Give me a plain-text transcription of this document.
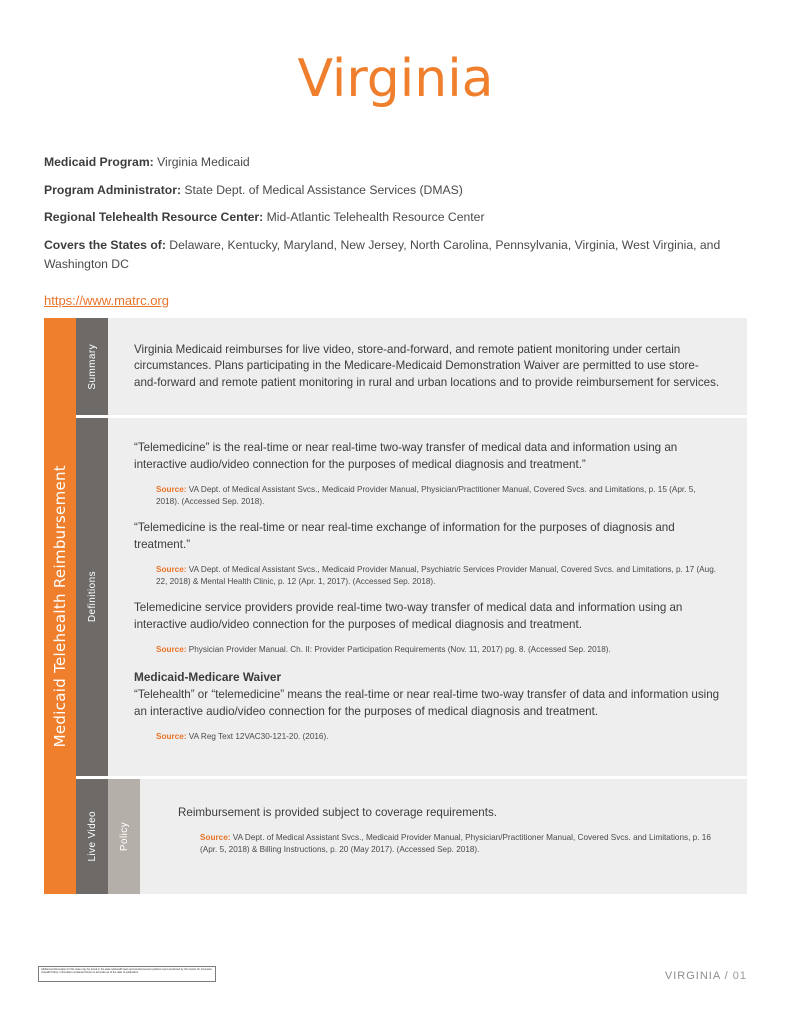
Virginia
Medicaid Program: Virginia Medicaid
Program Administrator: State Dept. of Medical Assistance Services (DMAS)
Regional Telehealth Resource Center: Mid-Atlantic Telehealth Resource Center
Covers the States of: Delaware, Kentucky, Maryland, New Jersey, North Carolina, Pennsylvania, Virginia, West Virginia, and Washington DC
https://www.matrc.org
Medicaid Telehealth Reimbursement
Summary	Virginia Medicaid reimburses for live video, store-and-forward, and remote patient monitoring under certain circumstances. Plans participating in the Medicare-Medicaid Demonstration Waiver are permitted to use store-and-forward and remote patient monitoring in rural and urban locations and to provide reimbursement for services.

Definitions

“Telemedicine” is the real-time or near real-time two-way transfer of medical data and information using an interactive audio/video connection for the purposes of medical diagnosis and treatment.”

Source: VA Dept. of Medical Assistant Svcs., Medicaid Provider Manual, Physician/Practitioner Manual, Covered Svcs. and Limitations, p. 15 (Apr. 5, 2018). (Accessed Sep. 2018).

“Telemedicine is the real-time or near real-time exchange of information for the purposes of diagnosis and treatment.”

Source: VA Dept. of Medical Assistant Svcs., Medicaid Provider Manual, Psychiatric Services Provider Manual, Covered Svcs. and Limitations, p. 17 (Aug. 22, 2018) & Mental Health Clinic, p. 12 (Apr. 1, 2017). (Accessed Sep. 2018).

Telemedicine service providers provide real-time two-way transfer of medical data and information using an interactive audio/video connection for the purposes of medical diagnosis and treatment.

Source: Physician Provider Manual. Ch. II: Provider Participation Requirements (Nov. 11, 2017) pg. 8. (Accessed Sep. 2018).

Medicaid-Medicare Waiver

“Telehealth” or “telemedicine” means the real-time or near real-time two-way transfer of data and information using an interactive audio/video connection for the purposes of medical diagnosis and treatment.

Source: VA Reg Text 12VAC30-121-20. (2016).
Live Video Policy

Reimbursement is provided subject to coverage requirements.

Source: VA Dept. of Medical Assistant Svcs., Medicaid Provider Manual, Physician/Practitioner Manual, Covered Svcs. and Limitations, p. 16 (Apr. 5, 2018) & Billing Instructions, p. 20 (May 2017). (Accessed Sep. 2018).
Additional information for this state may be found in the state telehealth laws and reimbursement policies report produced by the Center for Connected Health Policy. Information contained herein is accurate as of the date of publication.	VIRGINIA / 01
